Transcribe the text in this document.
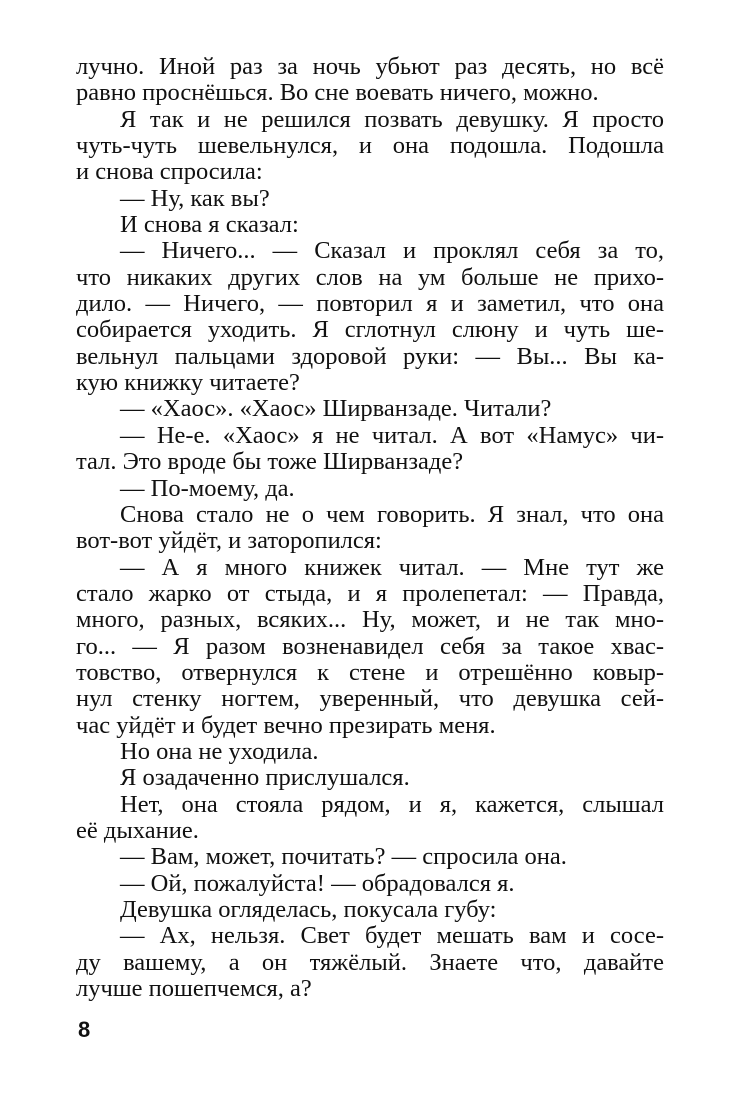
лучно. Иной раз за ночь убьют раз десять, но всё
равно проснёшься. Во сне воевать ничего, можно.
Я так и не решился позвать девушку. Я просто
чуть-чуть шевельнулся, и она подошла. Подошла
и снова спросила:
— Ну, как вы?
И снова я сказал:
— Ничего... — Сказал и проклял себя за то,
что никаких других слов на ум больше не прихо-
дило. — Ничего, — повторил я и заметил, что она
собирается уходить. Я сглотнул слюну и чуть ше-
вельнул пальцами здоровой руки: — Вы... Вы ка-
кую книжку читаете?
— «Хаос». «Хаос» Ширванзаде. Читали?
— Не-е. «Хаос» я не читал. А вот «Намус» чи-
тал. Это вроде бы тоже Ширванзаде?
— По-моему, да.
Снова стало не о чем говорить. Я знал, что она
вот-вот уйдёт, и заторопился:
— А я много книжек читал. — Мне тут же
стало жарко от стыда, и я пролепетал: — Правда,
много, разных, всяких... Ну, может, и не так мно-
го... — Я разом возненавидел себя за такое хвас-
товство, отвернулся к стене и отрешённо ковыр-
нул стенку ногтем, уверенный, что девушка сей-
час уйдёт и будет вечно презирать меня.
Но она не уходила.
Я озадаченно прислушался.
Нет, она стояла рядом, и я, кажется, слышал
её дыхание.
— Вам, может, почитать? — спросила она.
— Ой, пожалуйста! — обрадовался я.
Девушка огляделась, покусала губу:
— Ах, нельзя. Свет будет мешать вам и сосе-
ду вашему, а он тяжёлый. Знаете что, давайте
лучше пошепчемся, а?
8
